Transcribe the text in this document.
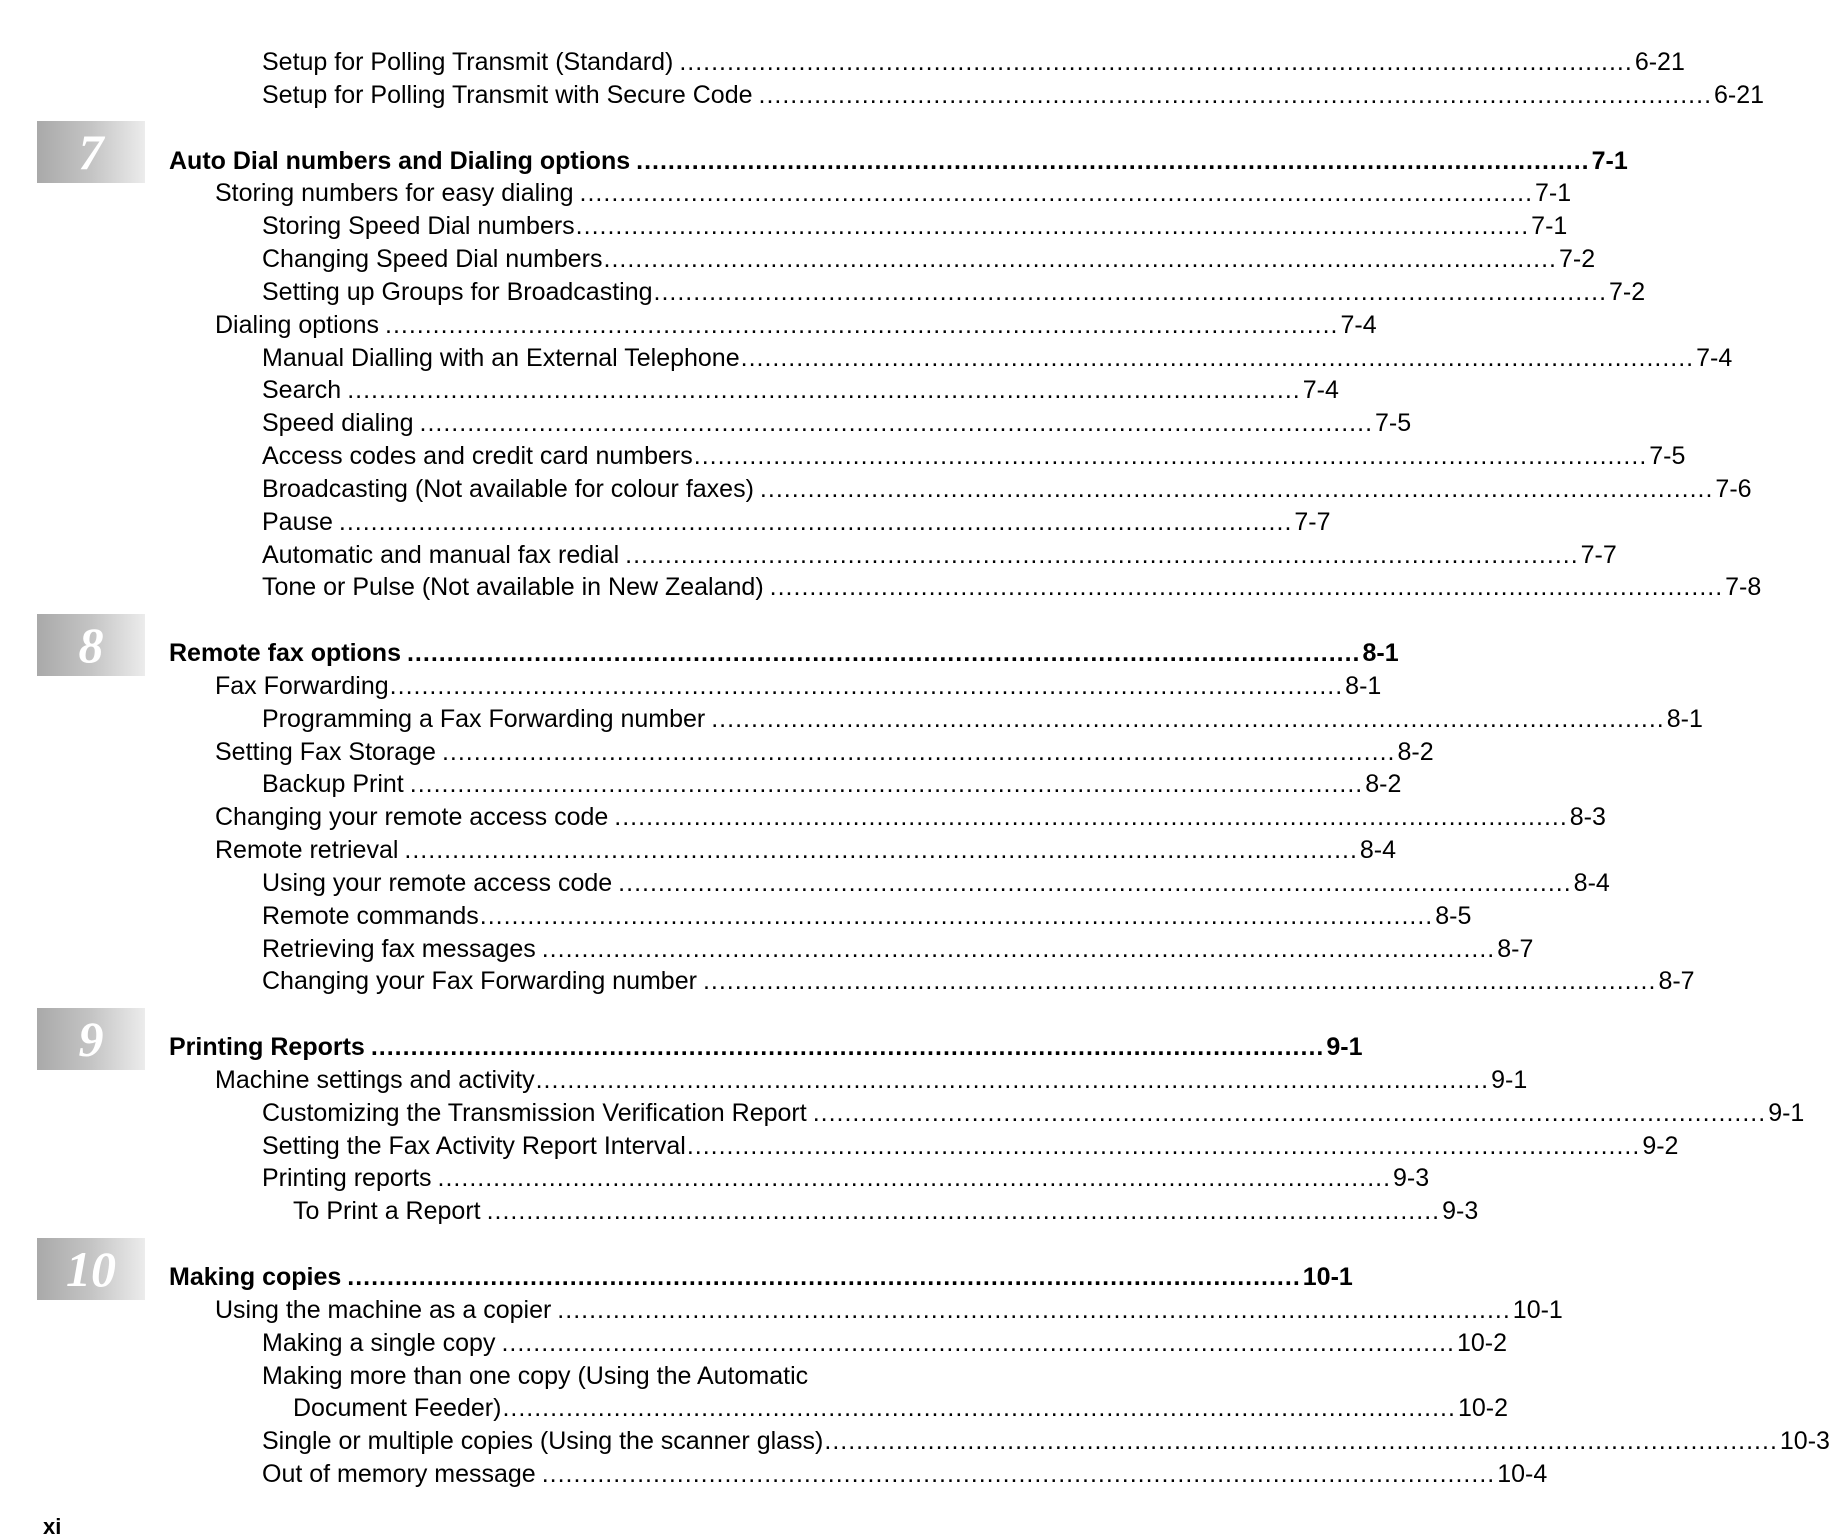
Setup for Polling Transmit (Standard) ........................................................................................................................ 6-21
Setup for Polling Transmit with Secure Code ........................................................................................................................ 6-21
7	Auto Dial numbers and Dialing options ........................................................................................................................ 7-1
Storing numbers for easy dialing ........................................................................................................................ 7-1
Storing Speed Dial numbers ........................................................................................................................ 7-1
Changing Speed Dial numbers ........................................................................................................................ 7-2
Setting up Groups for Broadcasting ........................................................................................................................ 7-2
Dialing options ........................................................................................................................ 7-4
Manual Dialling with an External Telephone ........................................................................................................................ 7-4
Search ........................................................................................................................ 7-4
Speed dialing ........................................................................................................................ 7-5
Access codes and credit card numbers ........................................................................................................................ 7-5
Broadcasting (Not available for colour faxes) ........................................................................................................................ 7-6
Pause ........................................................................................................................ 7-7
Automatic and manual fax redial ........................................................................................................................ 7-7
Tone or Pulse (Not available in New Zealand) ........................................................................................................................ 7-8
8	Remote fax options ........................................................................................................................ 8-1
Fax Forwarding ........................................................................................................................ 8-1
Programming a Fax Forwarding number ........................................................................................................................ 8-1
Setting Fax Storage ........................................................................................................................ 8-2
Backup Print ........................................................................................................................ 8-2
Changing your remote access code ........................................................................................................................ 8-3
Remote retrieval ........................................................................................................................ 8-4
Using your remote access code ........................................................................................................................ 8-4
Remote commands ........................................................................................................................ 8-5
Retrieving fax messages ........................................................................................................................ 8-7
Changing your Fax Forwarding number ........................................................................................................................ 8-7
9	Printing Reports ........................................................................................................................ 9-1
Machine settings and activity ........................................................................................................................ 9-1
Customizing the Transmission Verification Report ........................................................................................................................ 9-1
Setting the Fax Activity Report Interval ........................................................................................................................ 9-2
Printing reports ........................................................................................................................ 9-3
To Print a Report ........................................................................................................................ 9-3
10	Making copies ........................................................................................................................ 10-1
Using the machine as a copier ........................................................................................................................ 10-1
Making a single copy ........................................................................................................................ 10-2
Making more than one copy (Using the Automatic
Document Feeder) ........................................................................................................................ 10-2
Single or multiple copies (Using the scanner glass) ........................................................................................................................ 10-3
Out of memory message ........................................................................................................................ 10-4
xi
